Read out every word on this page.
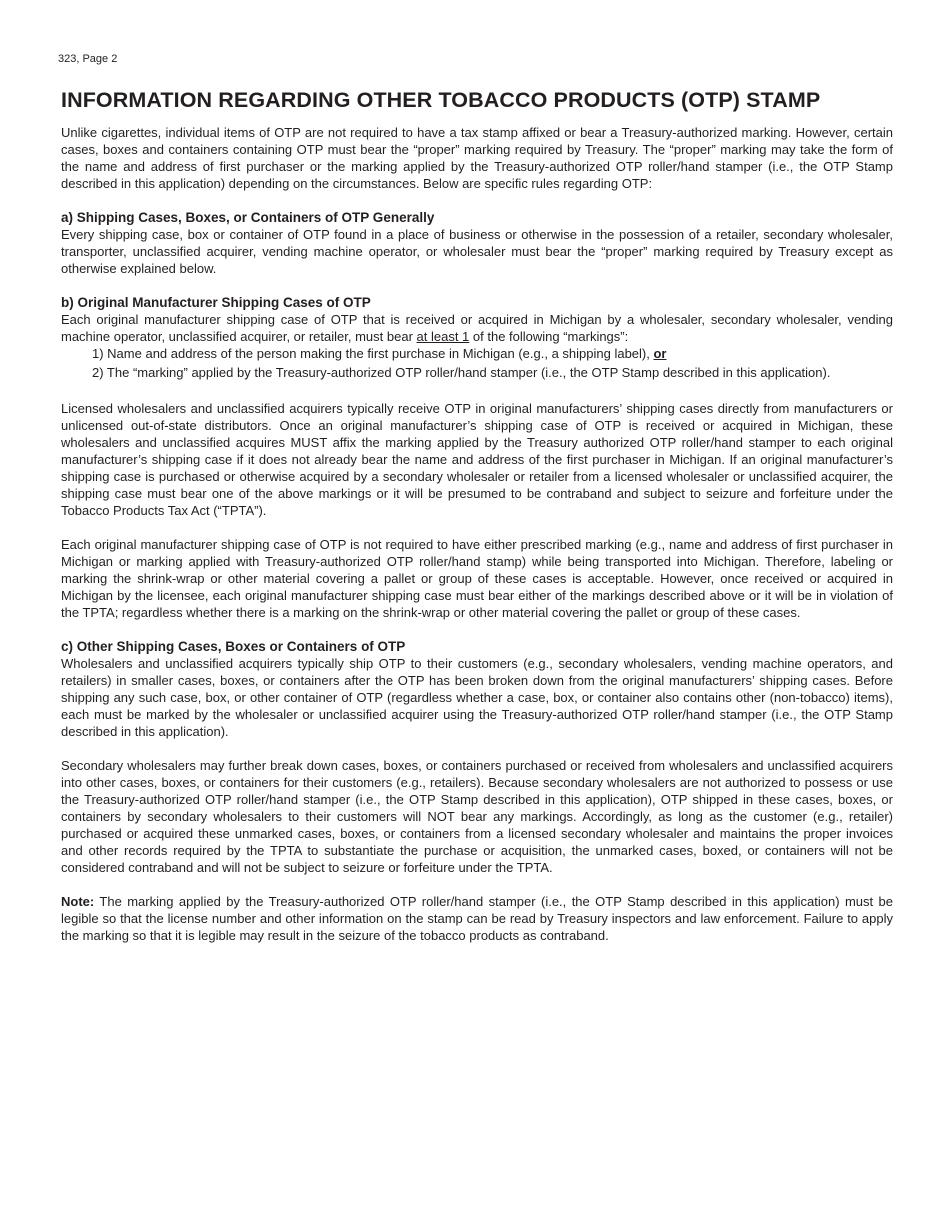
323, Page 2
INFORMATION REGARDING OTHER TOBACCO PRODUCTS (OTP) STAMP

Unlike cigarettes, individual items of OTP are not required to have a tax stamp affixed or bear a Treasury-authorized marking. However, certain cases, boxes and containers containing OTP must bear the “proper” marking required by Treasury. The “proper” marking may take the form of the name and address of first purchaser or the marking applied by the Treasury-authorized OTP roller/hand stamper (i.e., the OTP Stamp described in this application) depending on the circumstances. Below are specific rules regarding OTP:

a) Shipping Cases, Boxes, or Containers of OTP Generally

Every shipping case, box or container of OTP found in a place of business or otherwise in the possession of a retailer, secondary wholesaler, transporter, unclassified acquirer, vending machine operator, or wholesaler must bear the “proper” marking required by Treasury except as otherwise explained below.

b) Original Manufacturer Shipping Cases of OTP

Each original manufacturer shipping case of OTP that is received or acquired in Michigan by a wholesaler, secondary wholesaler, vending machine operator, unclassified acquirer, or retailer, must bear at least 1 of the following “markings”:

1) Name and address of the person making the first purchase in Michigan (e.g., a shipping label), or
2) The “marking” applied by the Treasury-authorized OTP roller/hand stamper (i.e., the OTP Stamp described in this application).

Licensed wholesalers and unclassified acquirers typically receive OTP in original manufacturers’ shipping cases directly from manufacturers or unlicensed out-of-state distributors. Once an original manufacturer’s shipping case of OTP is received or acquired in Michigan, these wholesalers and unclassified acquires MUST affix the marking applied by the Treasury authorized OTP roller/hand stamper to each original manufacturer’s shipping case if it does not already bear the name and address of the first purchaser in Michigan. If an original manufacturer’s shipping case is purchased or otherwise acquired by a secondary wholesaler or retailer from a licensed wholesaler or unclassified acquirer, the shipping case must bear one of the above markings or it will be presumed to be contraband and subject to seizure and forfeiture under the Tobacco Products Tax Act (“TPTA”).

Each original manufacturer shipping case of OTP is not required to have either prescribed marking (e.g., name and address of first purchaser in Michigan or marking applied with Treasury-authorized OTP roller/hand stamp) while being transported into Michigan. Therefore, labeling or marking the shrink-wrap or other material covering a pallet or group of these cases is acceptable. However, once received or acquired in Michigan by the licensee, each original manufacturer shipping case must bear either of the markings described above or it will be in violation of the TPTA; regardless whether there is a marking on the shrink-wrap or other material covering the pallet or group of these cases.

c) Other Shipping Cases, Boxes or Containers of OTP

Wholesalers and unclassified acquirers typically ship OTP to their customers (e.g., secondary wholesalers, vending machine operators, and retailers) in smaller cases, boxes, or containers after the OTP has been broken down from the original manufacturers’ shipping cases. Before shipping any such case, box, or other container of OTP (regardless whether a case, box, or container also contains other (non-tobacco) items), each must be marked by the wholesaler or unclassified acquirer using the Treasury-authorized OTP roller/hand stamper (i.e., the OTP Stamp described in this application).

Secondary wholesalers may further break down cases, boxes, or containers purchased or received from wholesalers and unclassified acquirers into other cases, boxes, or containers for their customers (e.g., retailers). Because secondary wholesalers are not authorized to possess or use the Treasury-authorized OTP roller/hand stamper (i.e., the OTP Stamp described in this application), OTP shipped in these cases, boxes, or containers by secondary wholesalers to their customers will NOT bear any markings. Accordingly, as long as the customer (e.g., retailer) purchased or acquired these unmarked cases, boxes, or containers from a licensed secondary wholesaler and maintains the proper invoices and other records required by the TPTA to substantiate the purchase or acquisition, the unmarked cases, boxed, or containers will not be considered contraband and will not be subject to seizure or forfeiture under the TPTA.

Note: The marking applied by the Treasury-authorized OTP roller/hand stamper (i.e., the OTP Stamp described in this application) must be legible so that the license number and other information on the stamp can be read by Treasury inspectors and law enforcement. Failure to apply the marking so that it is legible may result in the seizure of the tobacco products as contraband.
